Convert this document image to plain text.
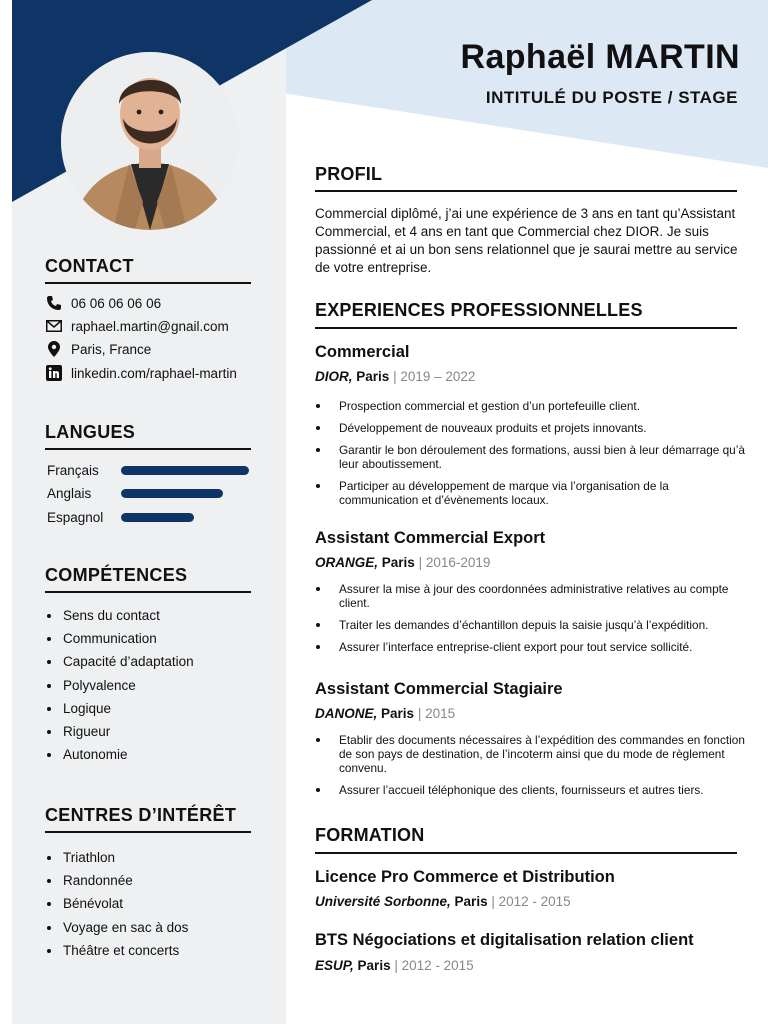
CONTACT
06 06 06 06 06
raphael.martin@gnail.com
Paris, France
linkedin.com/raphael-martin
LANGUES
Français
Anglais
Espagnol
COMPÉTENCES
Sens du contact
Communication
Capacité d’adaptation
Polyvalence
Logique
Rigueur
Autonomie
CENTRES D’INTÉRÊT
Triathlon
Randonnée
Bénévolat
Voyage en sac à dos
Théâtre et concerts
Raphaël MARTIN
INTITULÉ DU POSTE / STAGE
PROFIL
Commercial diplômé, j’ai une expérience de 3 ans en tant qu’Assistant Commercial, et 4 ans en tant que Commercial chez DIOR. Je suis passionné et ai un bon sens relationnel que je saurai mettre au service de votre entreprise.
EXPERIENCES PROFESSIONNELLES
Commercial
DIOR, Paris | 2019 – 2022
Prospection commercial et gestion d’un portefeuille client.
Développement de nouveaux produits et projets innovants.
Garantir le bon déroulement des formations, aussi bien à leur démarrage qu’à leur aboutissement.
Participer au développement de marque via l’organisation de la communication et d’évènements locaux.
Assistant Commercial Export
ORANGE, Paris | 2016-2019
Assurer la mise à jour des coordonnées administrative relatives au compte client.
Traiter les demandes d’échantillon depuis la saisie jusqu’à l’expédition.
Assurer l’interface entreprise-client export pour tout service sollicité.
Assistant Commercial Stagiaire
DANONE, Paris | 2015
Etablir des documents nécessaires à l’expédition des commandes en fonction de son pays de destination, de l’incoterm ainsi que du mode de règlement convenu.
Assurer l’accueil téléphonique des clients, fournisseurs et autres tiers.
FORMATION
Licence Pro Commerce et Distribution
Université Sorbonne, Paris | 2012 - 2015
BTS Négociations et digitalisation relation client
ESUP, Paris | 2012 - 2015
